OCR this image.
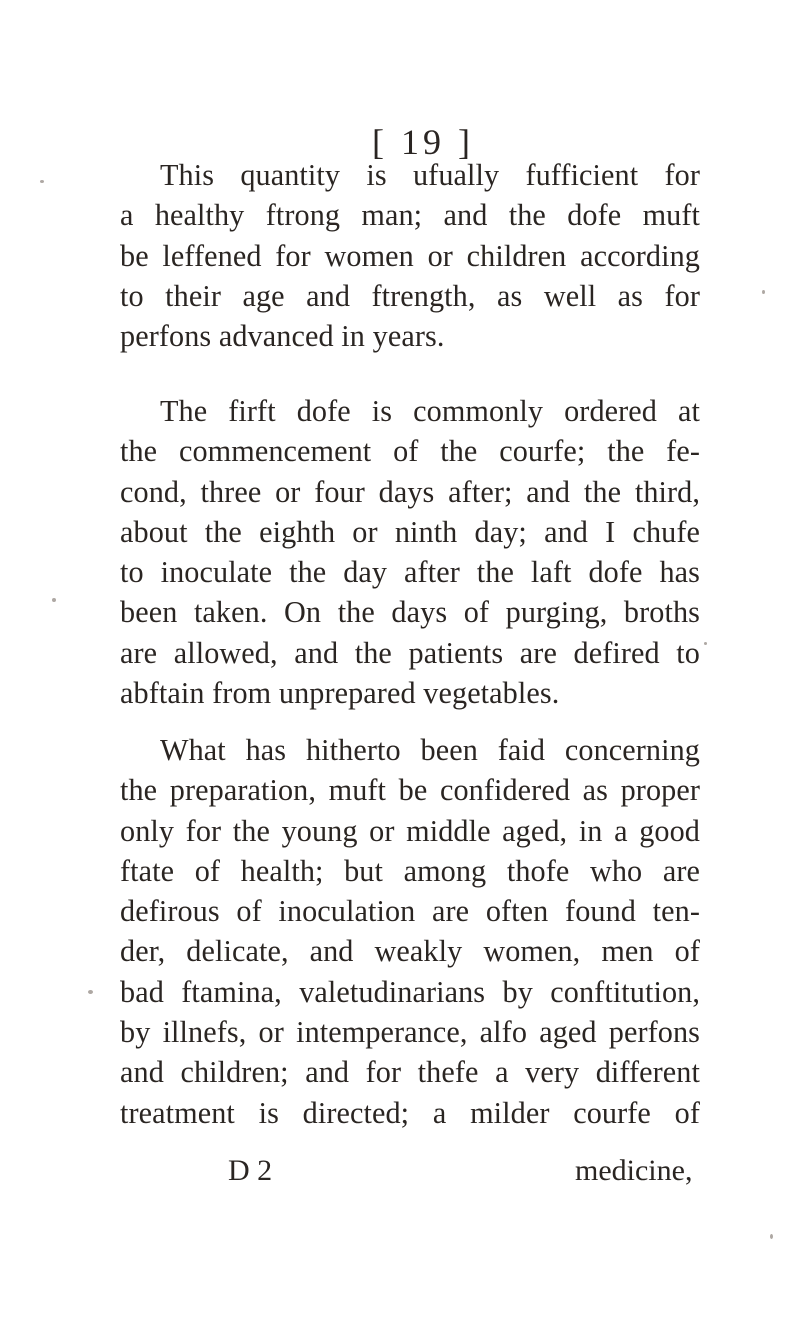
[ 19 ]
This quantity is ufually fufficient for
a healthy ftrong man; and the dofe muft
be leffened for women or children according
to their age and ftrength, as well as for
perfons advanced in years.
The firft dofe is commonly ordered at
the commencement of the courfe; the fe-
cond, three or four days after; and the third,
about the eighth or ninth day; and I chufe
to inoculate the day after the laft dofe has
been taken. On the days of purging, broths
are allowed, and the patients are defired to
abftain from unprepared vegetables.
What has hitherto been faid concerning
the preparation, muft be confidered as proper
only for the young or middle aged, in a good
ftate of health; but among thofe who are
defirous of inoculation are often found ten-
der, delicate, and weakly women, men of
bad ftamina, valetudinarians by conftitution,
by illnefs, or intemperance, alfo aged perfons
and children; and for thefe a very different
treatment is directed; a milder courfe of
D 2	medicine,
